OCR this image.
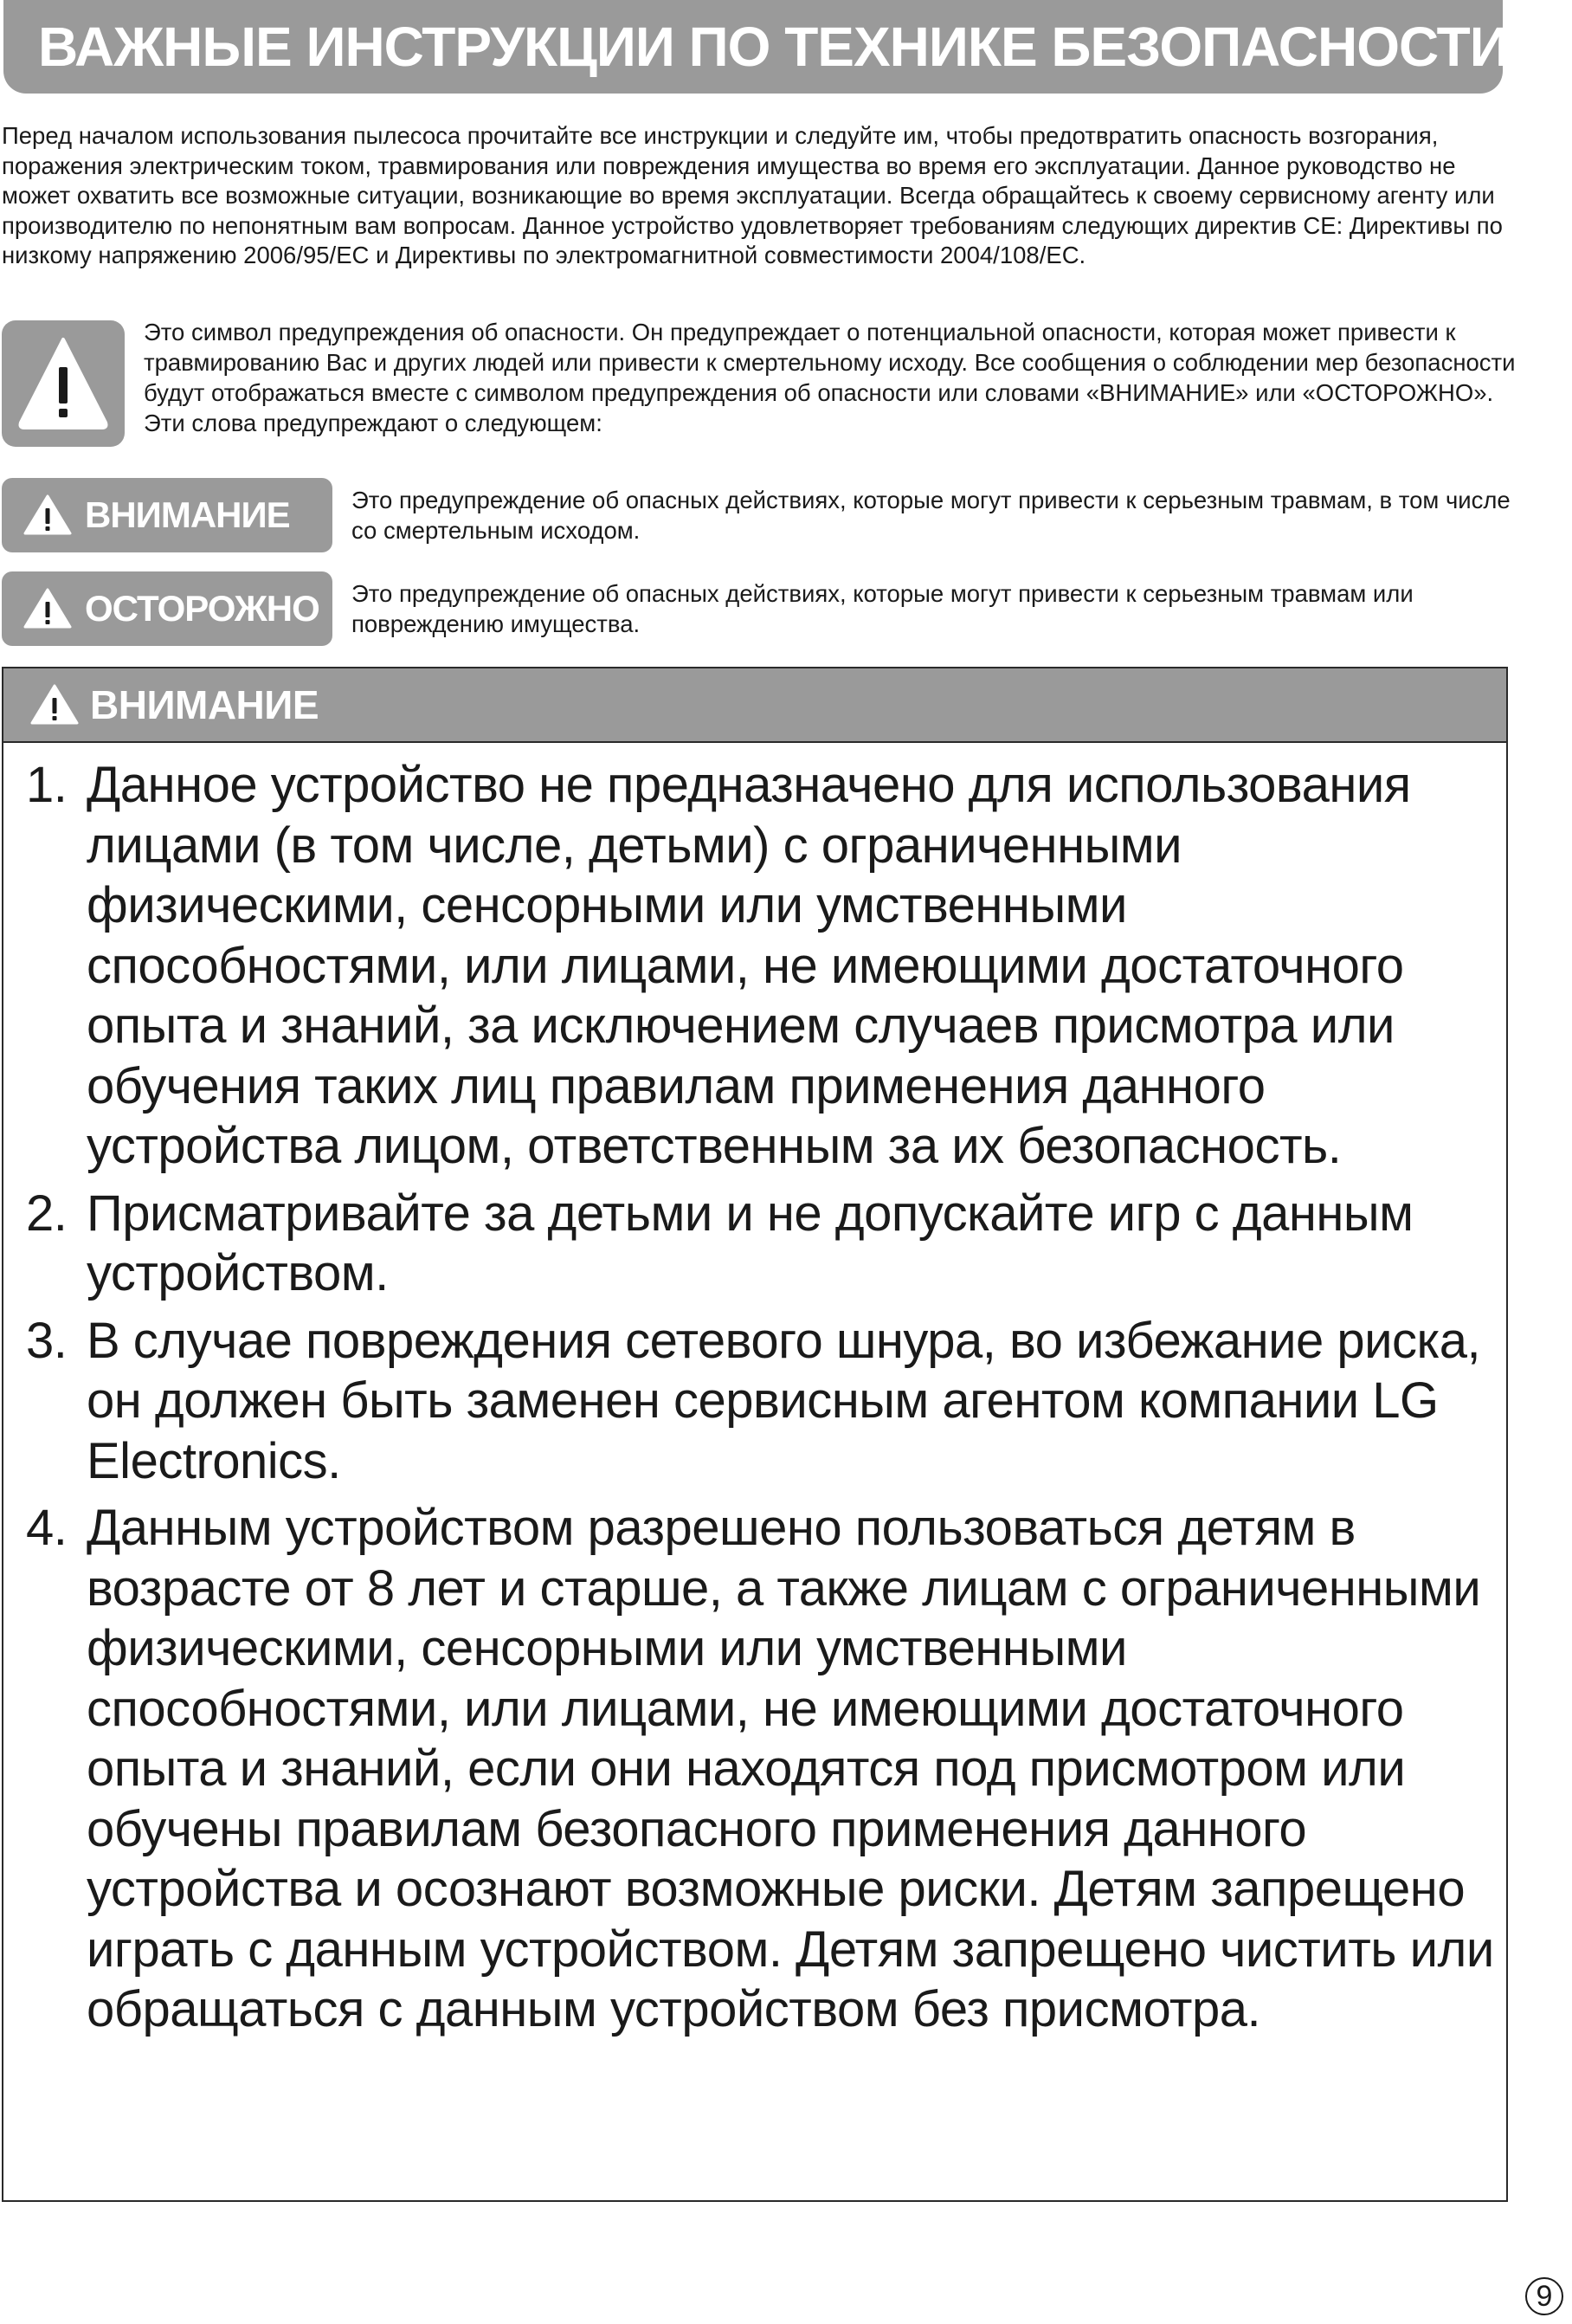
ВАЖНЫЕ ИНСТРУКЦИИ ПО ТЕХНИКЕ БЕЗОПАСНОСТИ

Перед началом использования пылесоса прочитайте все инструкции и следуйте им, чтобы предотвратить опасность возгорания, поражения электрическим током, травмирования или повреждения имущества во время его эксплуатации. Данное руководство не может охватить все возможные ситуации, возникающие во время эксплуатации. Всегда обращайтесь к своему сервисному агенту или производителю по непонятным вам вопросам. Данное устройство удовлетворяет требованиям следующих директив CE: Директивы по низкому напряжению 2006/95/EC и Директивы по электромагнитной совместимости 2004/108/EC.

Это символ предупреждения об опасности. Он предупреждает о потенциальной опасности, которая может привести к травмированию Вас и других людей или привести к смертельному исходу. Все сообщения о соблюдении мер безопасности будут отображаться вместе с символом предупреждения об опасности или словами «ВНИМАНИЕ» или «ОСТОРОЖНО». Эти слова предупреждают о следующем:

ВНИМАНИЕ	Это предупреждение об опасных действиях, которые могут привести к серьезным травмам, в том числе со смертельным исходом.

ОСТОРОЖНО Это предупреждение об опасных действиях, которые могут привести к серьезным травмам или повреждению имущества.

ВНИМАНИЕ
1. Данное устройство не предназначено для использования лицами (в том числе, детьми) с ограниченными физическими, сенсорными или умственными способностями, или лицами, не имеющими достаточного опыта и знаний, за исключением случаев присмотра или обучения таких лиц правилам применения данного устройства лицом, ответственным за их безопасность.
2. Присматривайте за детьми и не допускайте игр с данным устройством.
3. В случае повреждения сетевого шнура, во избежание риска, он должен быть заменен сервисным агентом компании LG Electronics.
4. Данным устройством разрешено пользоваться детям в возрасте от 8 лет и старше, а также лицам с ограниченными физическими, сенсорными или умственными способностями, или лицами, не имеющими достаточного опыта и знаний, если они находятся под присмотром или обучены правилам безопасного применения данного устройства и осознают возможные риски. Детям запрещено играть с данным устройством. Детям запрещено чистить или обращаться с данным устройством без присмотра.
9
